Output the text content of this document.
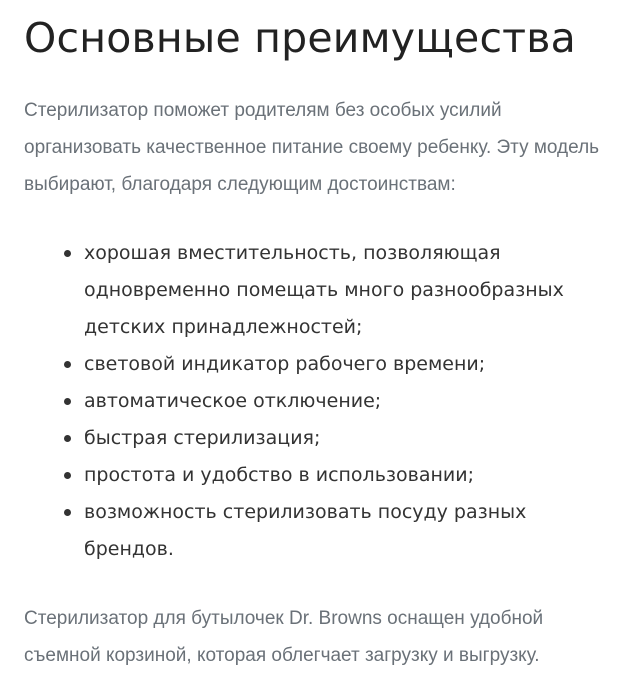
Основные преимущества

Стерилизатор поможет родителям без особых усилий организовать качественное питание своему ребенку. Эту модель выбирают, благодаря следующим достоинствам:

хорошая вместительность, позволяющая одновременно помещать много разнообразных детских принадлежностей;
световой индикатор рабочего времени;
автоматическое отключение;
быстрая стерилизация;
простота и удобство в использовании;
возможность стерилизовать посуду разных брендов.

Стерилизатор для бутылочек Dr. Browns оснащен удобной съемной корзиной, которая облегчает загрузку и выгрузку.
